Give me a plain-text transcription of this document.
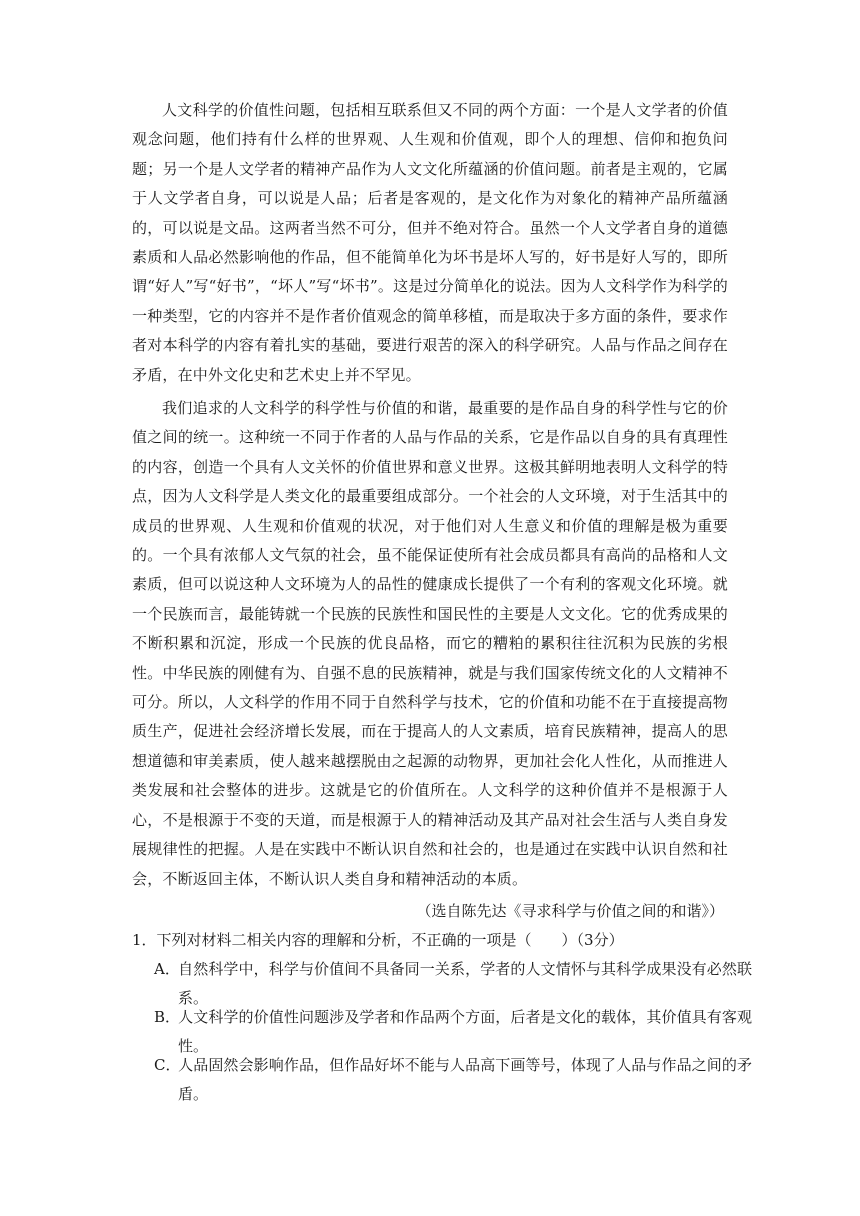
人文科学的价值性问题，包括相互联系但又不同的两个方面：一个是人文学者的价值观念问题，他们持有什么样的世界观、人生观和价值观，即个人的理想、信仰和抱负问题；另一个是人文学者的精神产品作为人文文化所蕴涵的价值问题。前者是主观的，它属于人文学者自身，可以说是人品；后者是客观的，是文化作为对象化的精神产品所蕴涵的，可以说是文品。这两者当然不可分，但并不绝对符合。虽然一个人文学者自身的道德素质和人品必然影响他的作品，但不能简单化为坏书是坏人写的，好书是好人写的，即所谓“好人”写“好书”，“坏人”写“坏书”。这是过分简单化的说法。因为人文科学作为科学的一种类型，它的内容并不是作者价值观念的简单移植，而是取决于多方面的条件，要求作者对本科学的内容有着扎实的基础，要进行艰苦的深入的科学研究。人品与作品之间存在矛盾，在中外文化史和艺术史上并不罕见。

我们追求的人文科学的科学性与价值的和谐，最重要的是作品自身的科学性与它的价值之间的统一。这种统一不同于作者的人品与作品的关系，它是作品以自身的具有真理性的内容，创造一个具有人文关怀的价值世界和意义世界。这极其鲜明地表明人文科学的特点，因为人文科学是人类文化的最重要组成部分。一个社会的人文环境，对于生活其中的成员的世界观、人生观和价值观的状况，对于他们对人生意义和价值的理解是极为重要的。一个具有浓郁人文气氛的社会，虽不能保证使所有社会成员都具有高尚的品格和人文素质，但可以说这种人文环境为人的品性的健康成长提供了一个有利的客观文化环境。就一个民族而言，最能铸就一个民族的民族性和国民性的主要是人文文化。它的优秀成果的不断积累和沉淀，形成一个民族的优良品格，而它的糟粕的累积往往沉积为民族的劣根性。中华民族的刚健有为、自强不息的民族精神，就是与我们国家传统文化的人文精神不可分。所以，人文科学的作用不同于自然科学与技术，它的价值和功能不在于直接提高物质生产，促进社会经济增长发展，而在于提高人的人文素质，培育民族精神，提高人的思想道德和审美素质，使人越来越摆脱由之起源的动物界，更加社会化人性化，从而推进人类发展和社会整体的进步。这就是它的价值所在。人文科学的这种价值并不是根源于人心，不是根源于不变的天道，而是根源于人的精神活动及其产品对社会生活与人类自身发展规律性的把握。人是在实践中不断认识自然和社会的，也是通过在实践中认识自然和社会，不断返回主体，不断认识人类自身和精神活动的本质。

（选自陈先达《寻求科学与价值之间的和谐》）

1．下列对材料二相关内容的理解和分析，不正确的一项是（　　）（3分）

A．自然科学中，科学与价值间不具备同一关系，学者的人文情怀与其科学成果没有必然联系。

B．人文科学的价值性问题涉及学者和作品两个方面，后者是文化的载体，其价值具有客观性。

C．人品固然会影响作品，但作品好坏不能与人品高下画等号，体现了人品与作品之间的矛盾。
